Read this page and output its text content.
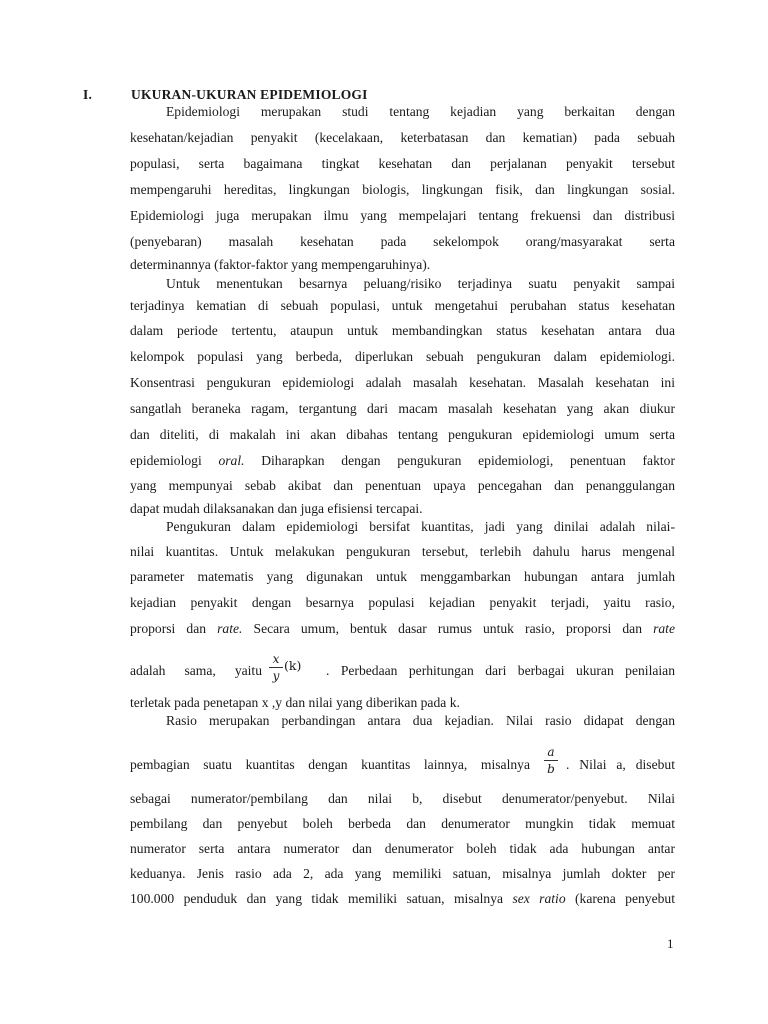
I.	UKURAN-UKURAN EPIDEMIOLOGI
Epidemiologi merupakan studi tentang kejadian yang berkaitan dengan
kesehatan/kejadian penyakit (kecelakaan, keterbatasan dan kematian) pada sebuah
populasi, serta bagaimana tingkat kesehatan dan perjalanan penyakit tersebut
mempengaruhi hereditas, lingkungan biologis, lingkungan fisik, dan lingkungan sosial.
Epidemiologi juga merupakan ilmu yang mempelajari tentang frekuensi dan distribusi
(penyebaran) masalah kesehatan pada sekelompok orang/masyarakat serta
determinannya (faktor-faktor yang mempengaruhinya).
Untuk menentukan besarnya peluang/risiko terjadinya suatu penyakit sampai
terjadinya kematian di sebuah populasi, untuk mengetahui perubahan status kesehatan
dalam periode tertentu, ataupun untuk membandingkan status kesehatan antara dua
kelompok populasi yang berbeda, diperlukan sebuah pengukuran dalam epidemiologi.
Konsentrasi pengukuran epidemiologi adalah masalah kesehatan. Masalah kesehatan ini
sangatlah beraneka ragam, tergantung dari macam masalah kesehatan yang akan diukur
dan diteliti, di makalah ini akan dibahas tentang pengukuran epidemiologi umum serta
epidemiologi oral. Diharapkan dengan pengukuran epidemiologi, penentuan faktor
yang mempunyai sebab akibat dan penentuan upaya pencegahan dan penanggulangan
dapat mudah dilaksanakan dan juga efisiensi tercapai.
Pengukuran dalam epidemiologi bersifat kuantitas, jadi yang dinilai adalah nilai-
nilai kuantitas. Untuk melakukan pengukuran tersebut, terlebih dahulu harus mengenal
parameter matematis yang digunakan untuk menggambarkan hubungan antara jumlah
kejadian penyakit dengan besarnya populasi kejadian penyakit terjadi, yaitu rasio,
proporsi dan rate. Secara umum, bentuk dasar rumus untuk rasio, proporsi dan rate
adalah sama, yaitu	. Perbedaan perhitungan dari berbagai ukuran penilaian
terletak pada penetapan x ,y dan nilai yang diberikan pada k.
Rasio merupakan perbandingan antara dua kejadian. Nilai rasio didapat dengan
pembagian suatu kuantitas dengan kuantitas lainnya, misalnya	. Nilai a, disebut
sebagai numerator/pembilang dan nilai b, disebut denumerator/penyebut. Nilai
pembilang dan penyebut boleh berbeda dan denumerator mungkin tidak memuat
numerator serta antara numerator dan denumerator boleh tidak ada hubungan antar
keduanya. Jenis rasio ada 2, ada yang memiliki satuan, misalnya jumlah dokter per
100.000 penduduk dan yang tidak memiliki satuan, misalnya sex ratio (karena penyebut
x
y
(k)
a
b
1
